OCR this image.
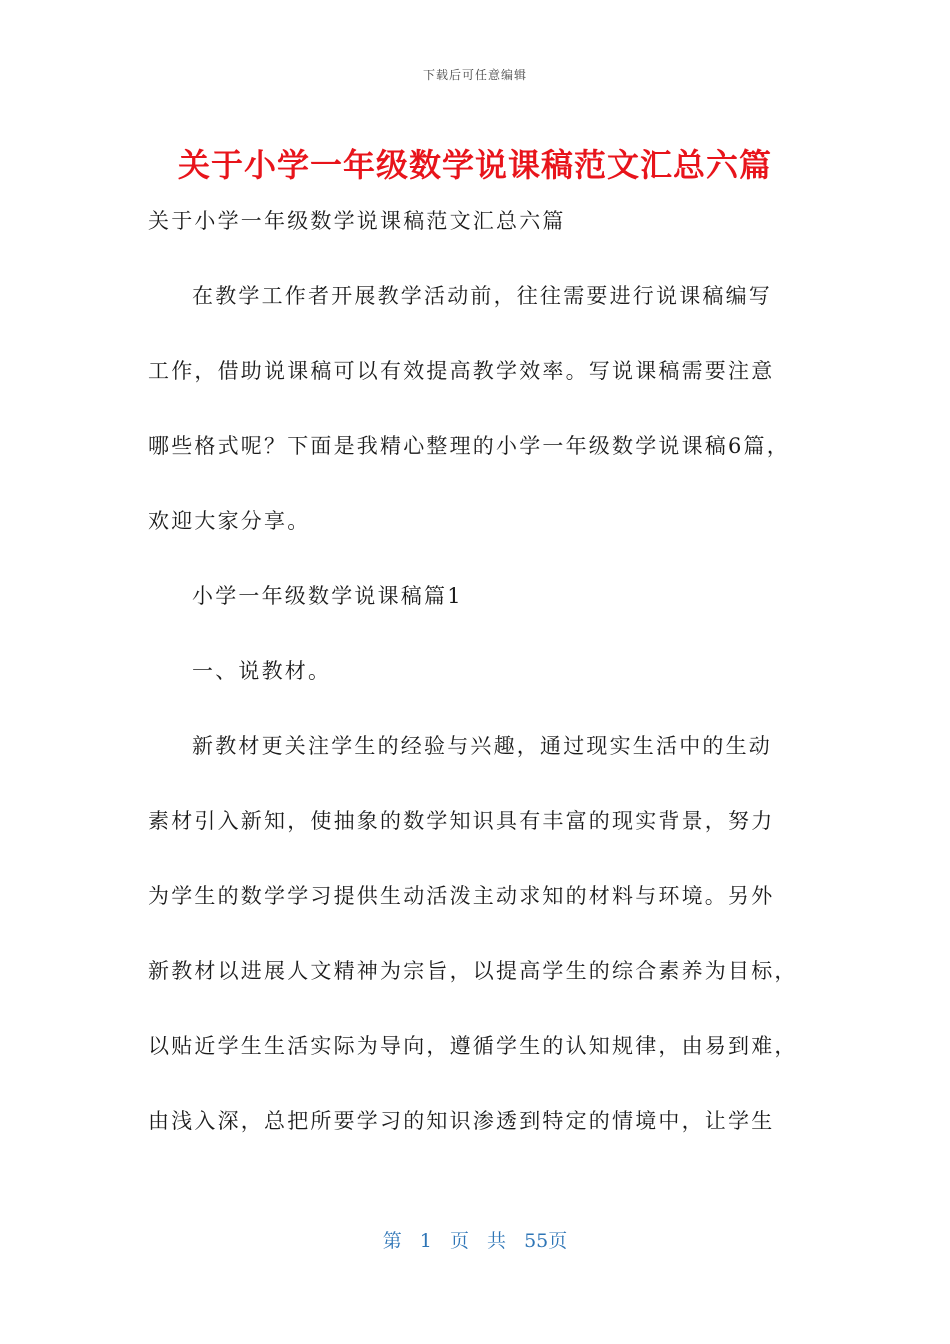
下载后可任意编辑
关于小学一年级数学说课稿范文汇总六篇

关于小学一年级数学说课稿范文汇总六篇

在教学工作者开展教学活动前，往往需要进行说课稿编写

工作，借助说课稿可以有效提高教学效率。写说课稿需要注意

哪些格式呢？下面是我精心整理的小学一年级数学说课稿6篇，

欢迎大家分享。

小学一年级数学说课稿篇1

一、说教材。

新教材更关注学生的经验与兴趣，通过现实生活中的生动

素材引入新知，使抽象的数学知识具有丰富的现实背景，努力

为学生的数学学习提供生动活泼主动求知的材料与环境。另外

新教材以进展人文精神为宗旨，以提高学生的综合素养为目标，

以贴近学生生活实际为导向，遵循学生的认知规律，由易到难，

由浅入深，总把所要学习的知识渗透到特定的情境中，让学生

第 1 页 共 55页
